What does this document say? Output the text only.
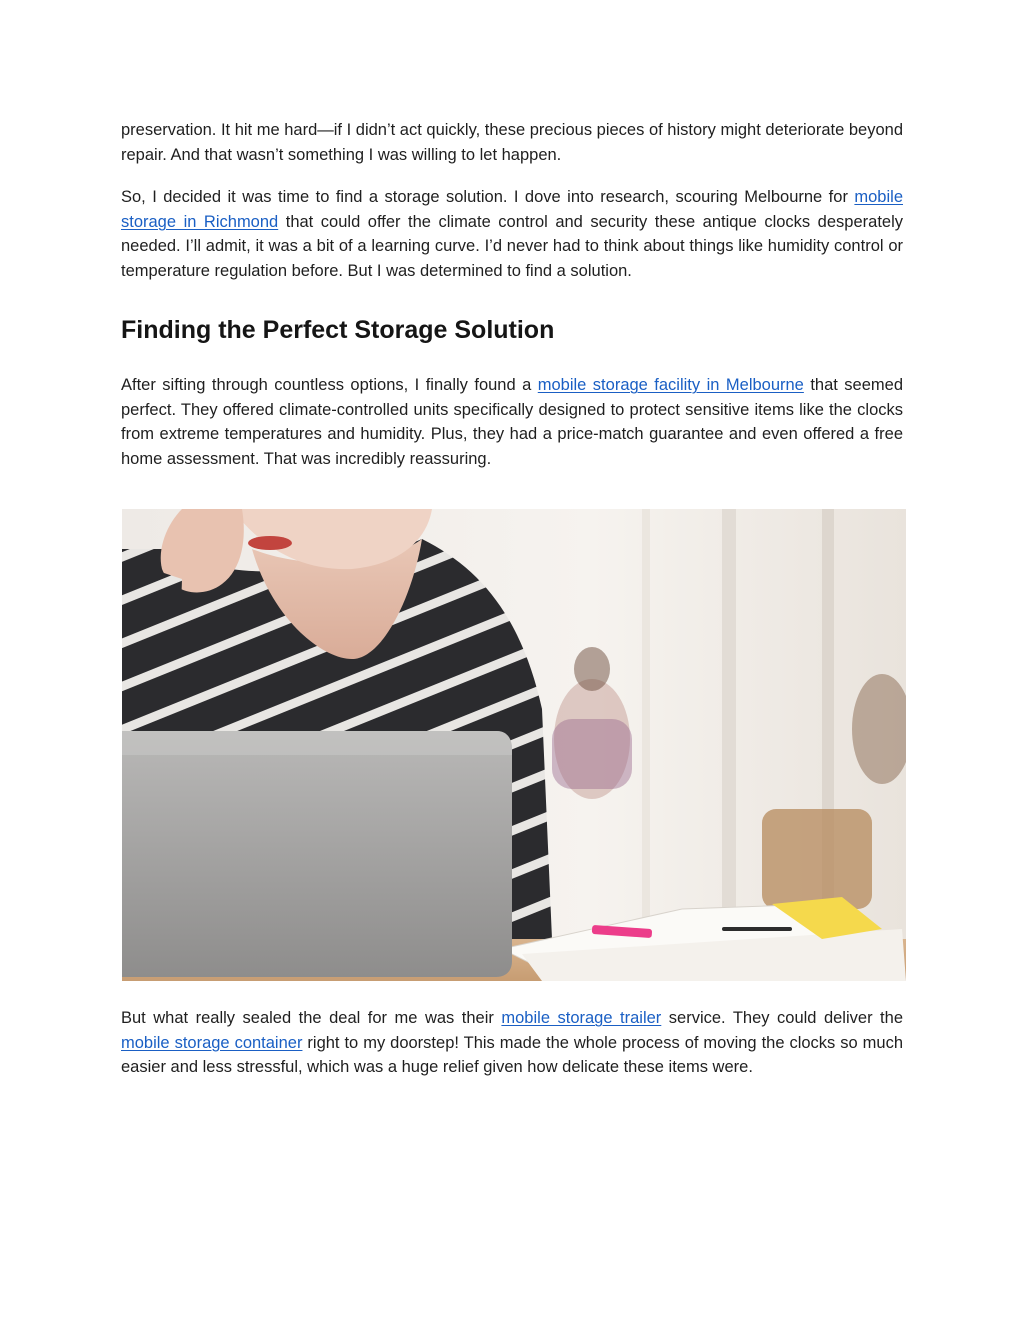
preservation. It hit me hard—if I didn’t act quickly, these precious pieces of history might deteriorate beyond repair. And that wasn’t something I was willing to let happen.

So, I decided it was time to find a storage solution. I dove into research, scouring Melbourne for mobile storage in Richmond that could offer the climate control and security these antique clocks desperately needed. I’ll admit, it was a bit of a learning curve. I’d never had to think about things like humidity control or temperature regulation before. But I was determined to find a solution.

Finding the Perfect Storage Solution

After sifting through countless options, I finally found a mobile storage facility in Melbourne that seemed perfect. They offered climate-controlled units specifically designed to protect sensitive items like the clocks from extreme temperatures and humidity. Plus, they had a price-match guarantee and even offered a free home assessment. That was incredibly reassuring.

But what really sealed the deal for me was their mobile storage trailer service. They could deliver the mobile storage container right to my doorstep! This made the whole process of moving the clocks so much easier and less stressful, which was a huge relief given how delicate these items were.
